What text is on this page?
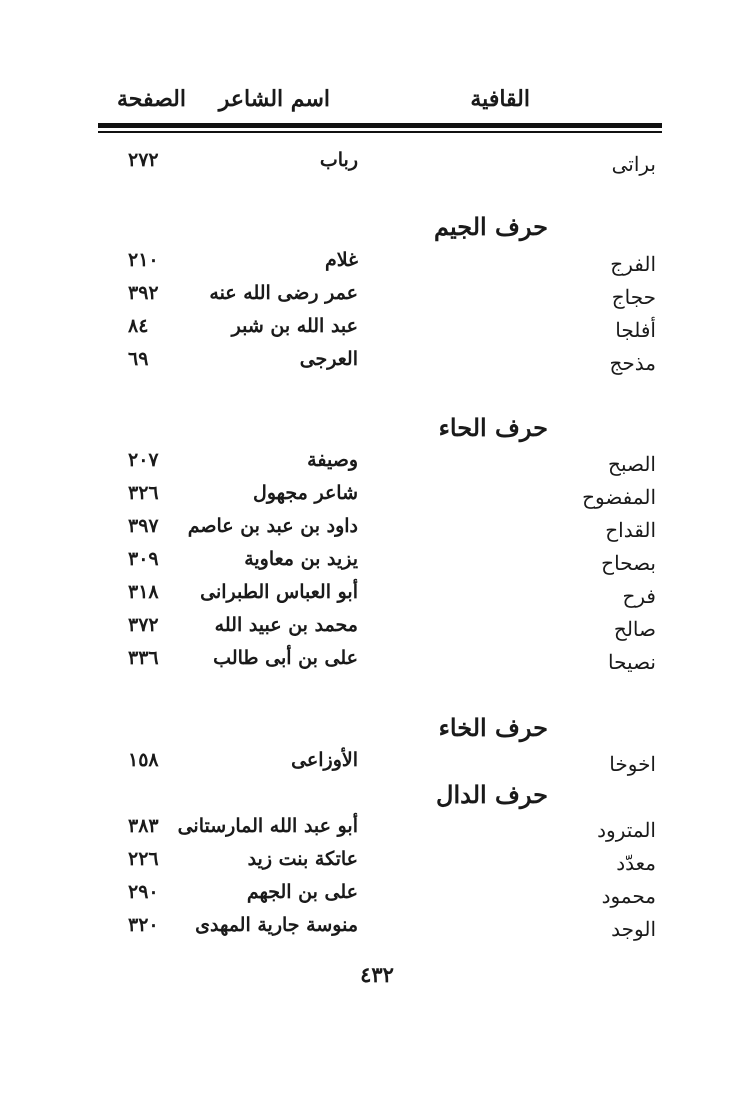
القافية
اسم الشاعر
الصفحة
براتى
رباب
٢٧٢
حرف الجيم
الفرج
غلام
٢١٠
حجاج
عمر رضى الله عنه
٣٩٢
أفلجا
عبد الله بن شبر
٨٤
مذحج
العرجى
٦٩
حرف الحاء
الصبح
وصيفة
٢٠٧
المفضوح
شاعر مجهول
٣٢٦
القداح
داود بن عبد بن عاصم
٣٩٧
بصحاح
يزيد بن معاوية
٣٠٩
فرح
أبو العباس الطبرانى
٣١٨
صالح
محمد بن عبيد الله
٣٧٢
نصيحا
على بن أبى طالب
٣٣٦
حرف الخاء
اخوخا
الأوزاعى
١٥٨
حرف الدال
المترود
أبو عبد الله المارستانى
٣٨٣
معدّد
عاتكة بنت زيد
٢٢٦
محمود
على بن الجهم
٢٩٠
الوجد
منوسة جارية المهدى
٣٢٠
٤٣٢
